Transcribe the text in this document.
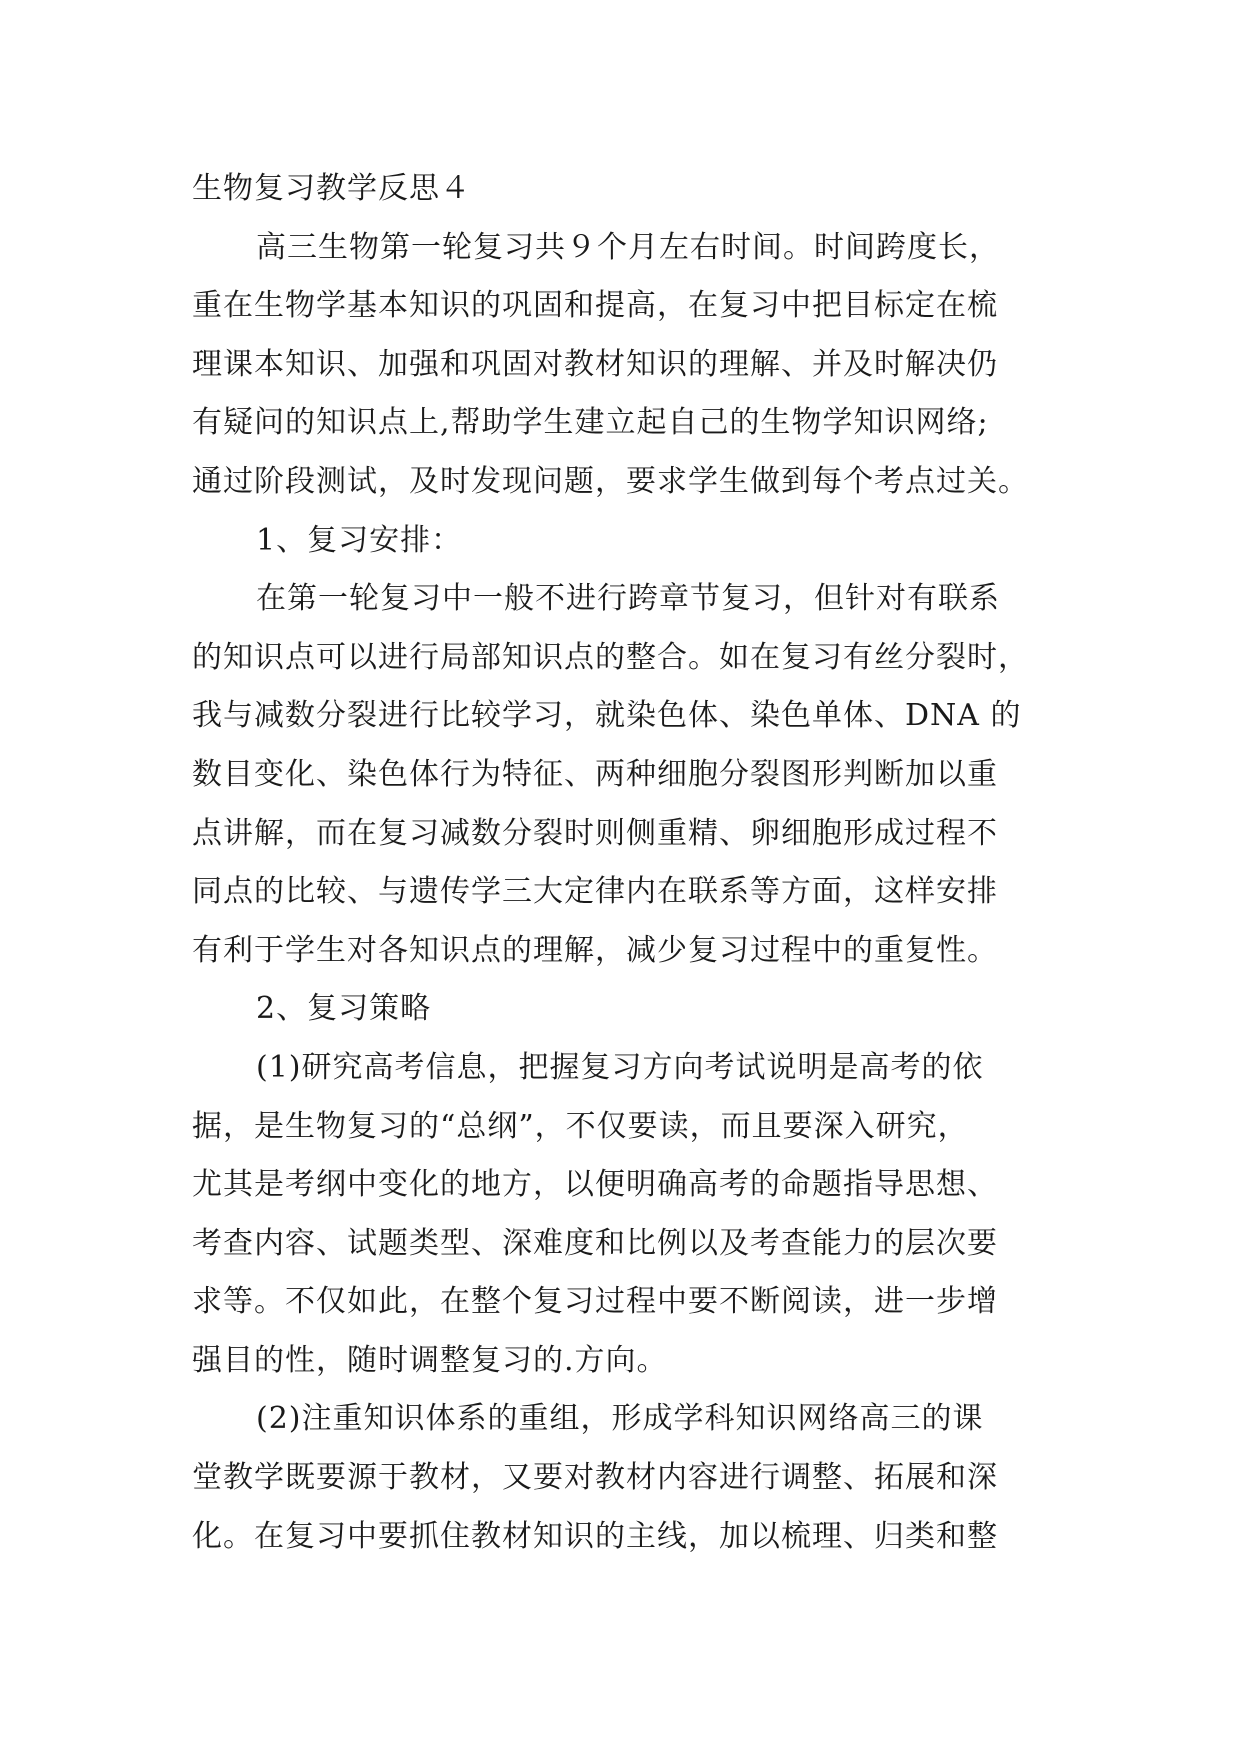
生物复习教学反思４
高三生物第一轮复习共９个月左右时间。时间跨度长，
重在生物学基本知识的巩固和提高，在复习中把目标定在梳
理课本知识、加强和巩固对教材知识的理解、并及时解决仍
有疑问的知识点上,帮助学生建立起自己的生物学知识网络;
通过阶段测试，及时发现问题，要求学生做到每个考点过关。
1、复习安排：
在第一轮复习中一般不进行跨章节复习，但针对有联系
的知识点可以进行局部知识点的整合。如在复习有丝分裂时，
我与减数分裂进行比较学习，就染色体、染色单体、DNA 的
数目变化、染色体行为特征、两种细胞分裂图形判断加以重
点讲解，而在复习减数分裂时则侧重精、卵细胞形成过程不
同点的比较、与遗传学三大定律内在联系等方面，这样安排
有利于学生对各知识点的理解，减少复习过程中的重复性。
2、复习策略
(1)研究高考信息，把握复习方向考试说明是高考的依
据，是生物复习的“总纲”，不仅要读，而且要深入研究，
尤其是考纲中变化的地方，以便明确高考的命题指导思想、
考查内容、试题类型、深难度和比例以及考查能力的层次要
求等。不仅如此，在整个复习过程中要不断阅读，进一步增
强目的性，随时调整复习的.方向。
(2)注重知识体系的重组，形成学科知识网络高三的课
堂教学既要源于教材，又要对教材内容进行调整、拓展和深
化。在复习中要抓住教材知识的主线，加以梳理、归类和整
